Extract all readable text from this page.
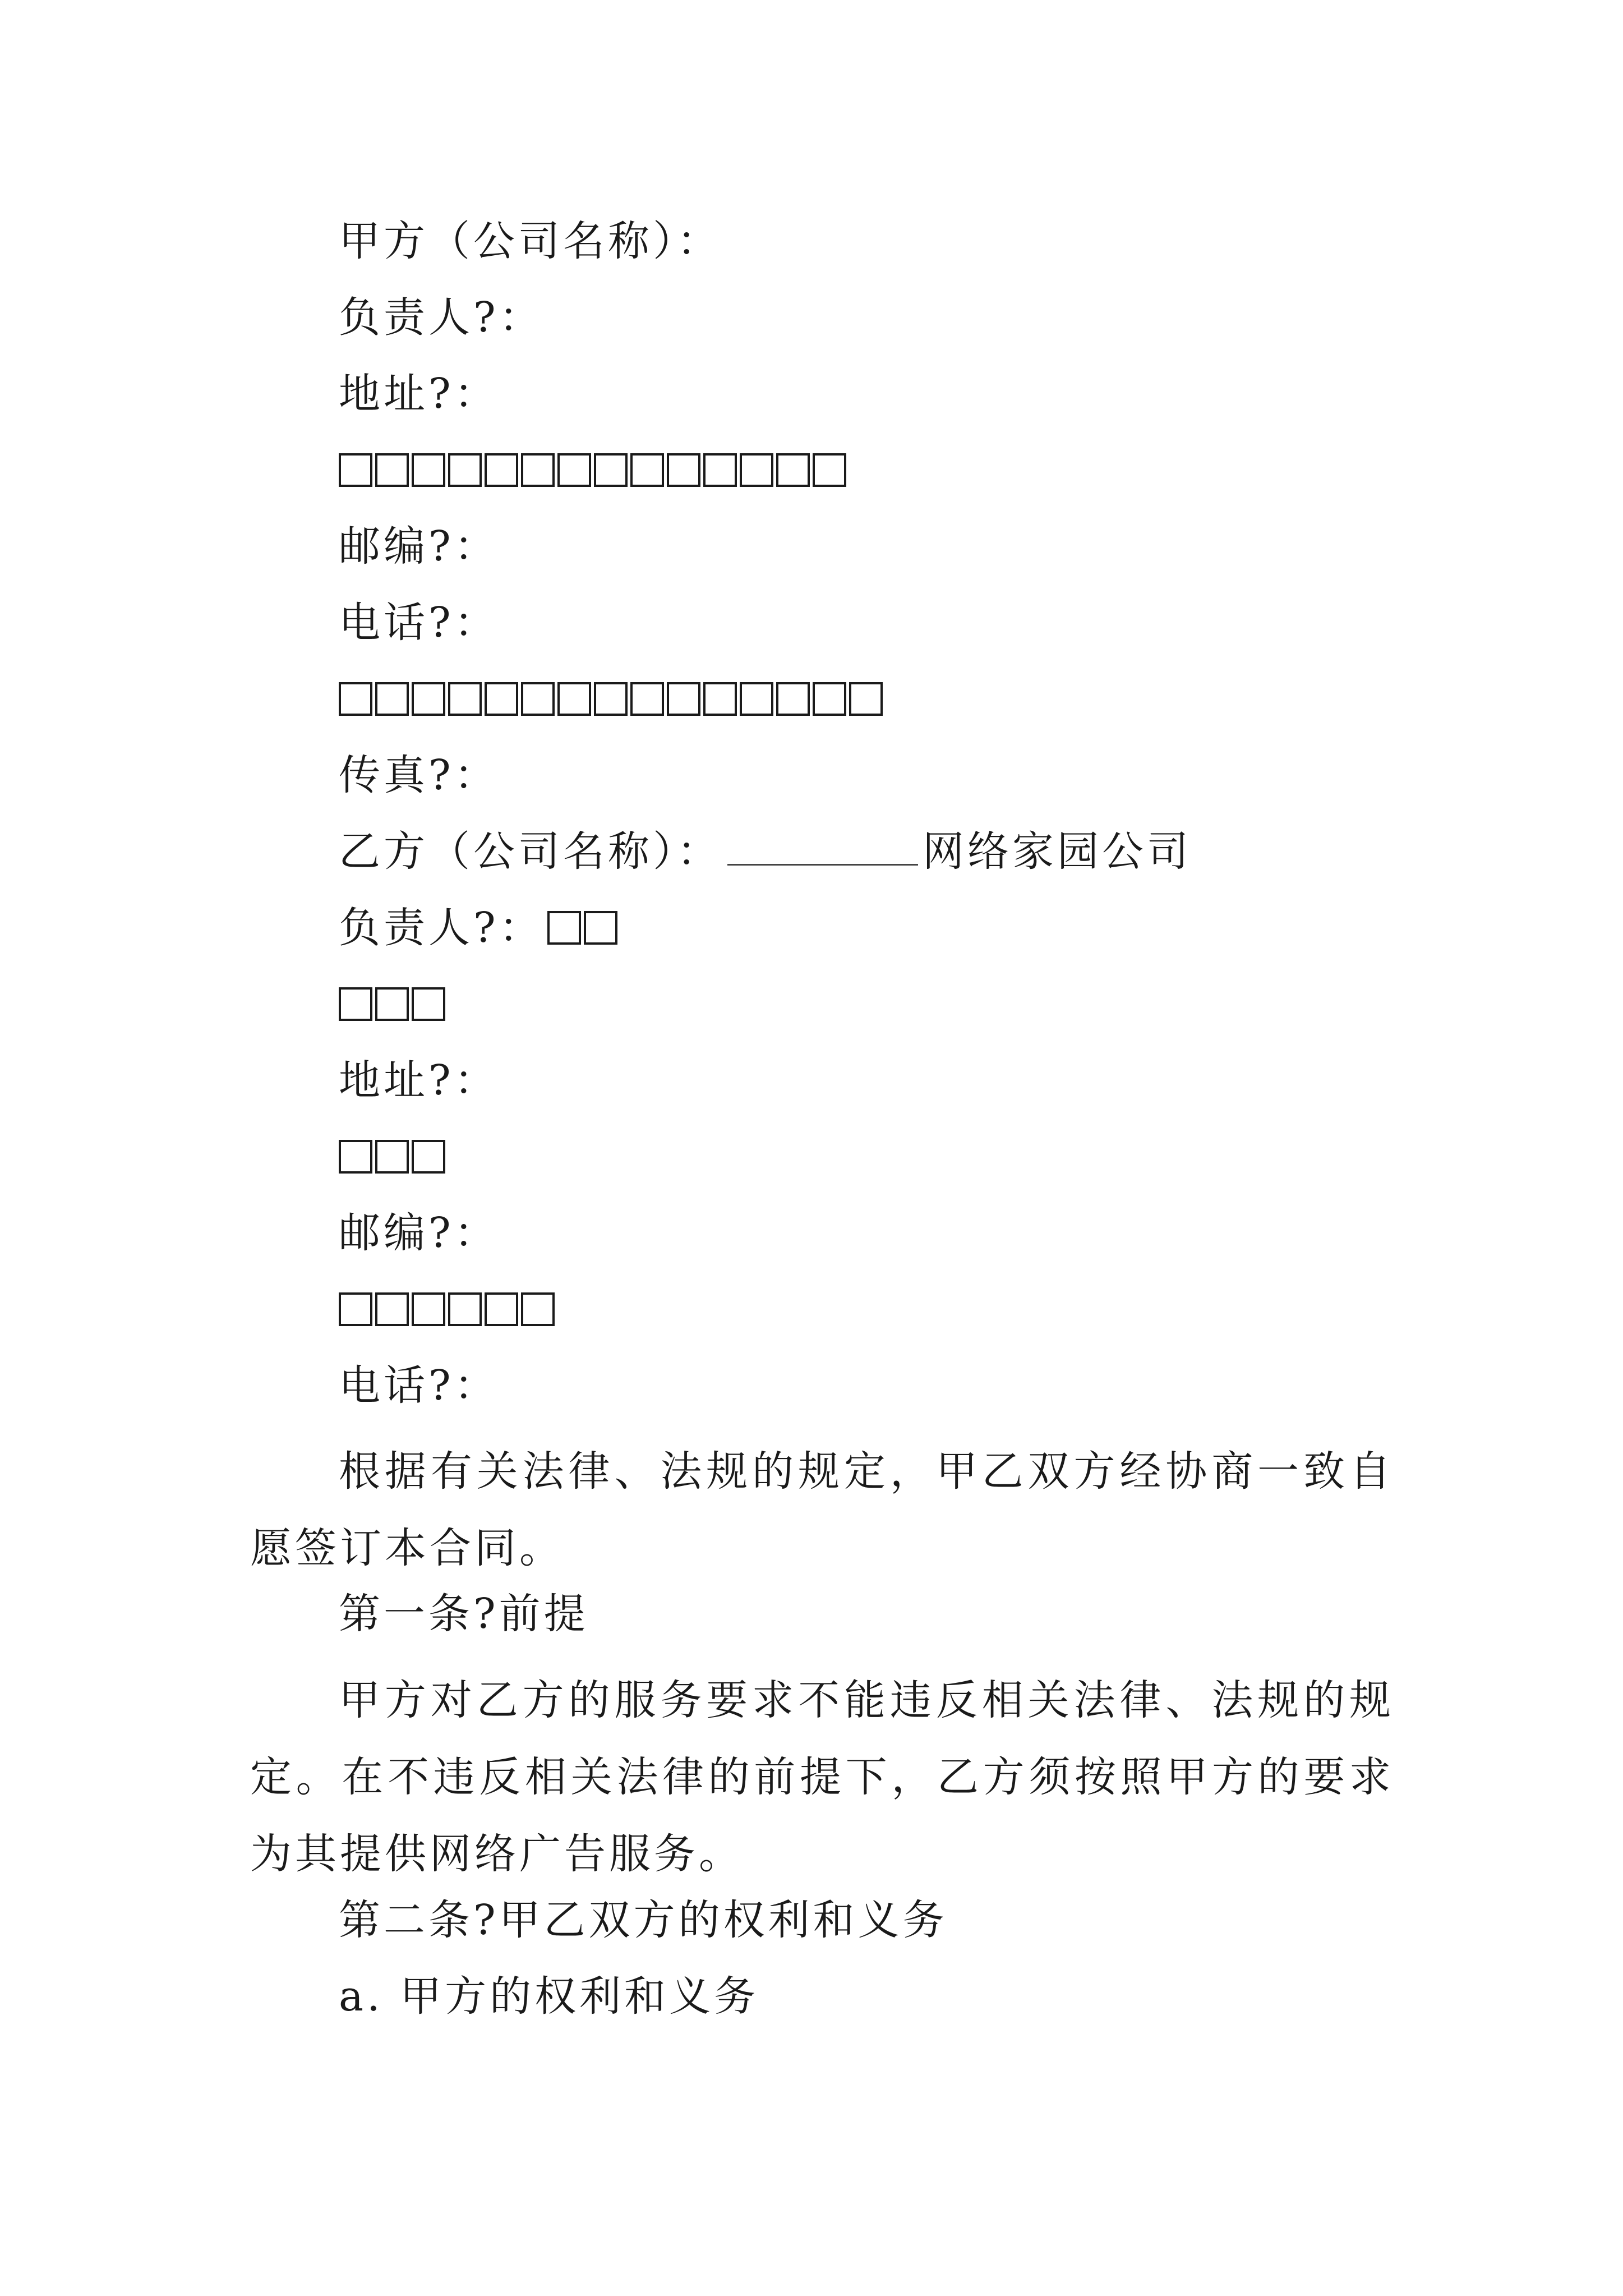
甲方（公司名称）：
负责人?：
地址?：
邮编?：
电话?：
传真?：
乙方（公司名称）：	网络家园公司
负责人?：
地址?：
邮编?：
电话?：
根据有关法律、法规的规定，甲乙双方经协商一致自愿签订本合同。
第一条?前提
甲方对乙方的服务要求不能违反相关法律、法规的规定。在不违反相关法律的前提下，乙方须按照甲方的要求为其提供网络广告服务。
第二条?甲乙双方的权利和义务
a. 甲方的权利和义务
